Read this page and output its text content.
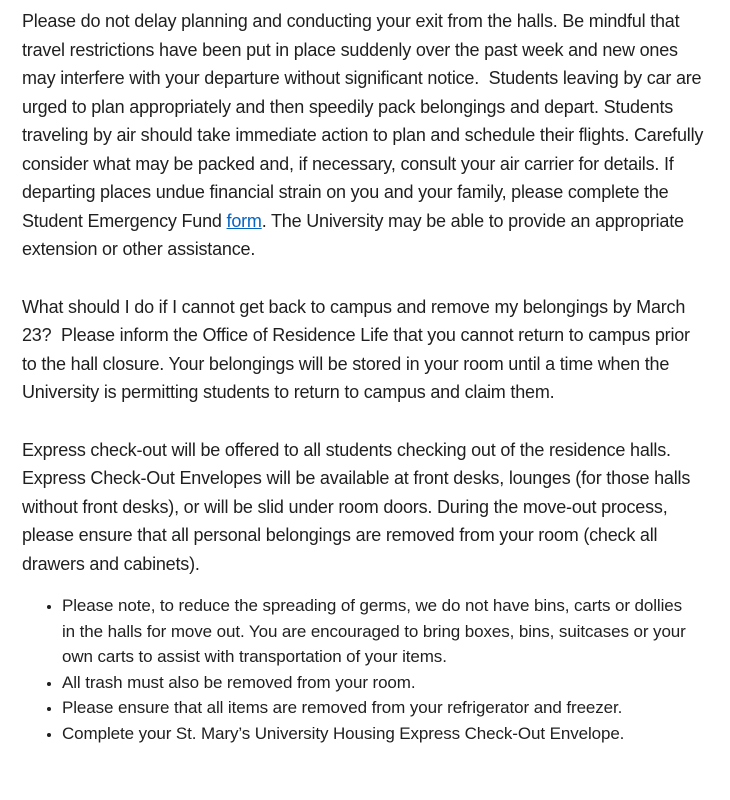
Please do not delay planning and conducting your exit from the halls. Be mindful that travel restrictions have been put in place suddenly over the past week and new ones may interfere with your departure without significant notice.  Students leaving by car are urged to plan appropriately and then speedily pack belongings and depart. Students traveling by air should take immediate action to plan and schedule their flights. Carefully consider what may be packed and, if necessary, consult your air carrier for details. If departing places undue financial strain on you and your family, please complete the Student Emergency Fund form. The University may be able to provide an appropriate extension or other assistance.

What should I do if I cannot get back to campus and remove my belongings by March 23?  Please inform the Office of Residence Life that you cannot return to campus prior to the hall closure. Your belongings will be stored in your room until a time when the University is permitting students to return to campus and claim them.

Express check-out will be offered to all students checking out of the residence halls. Express Check-Out Envelopes will be available at front desks, lounges (for those halls without front desks), or will be slid under room doors. During the move-out process, please ensure that all personal belongings are removed from your room (check all drawers and cabinets).

• Please note, to reduce the spreading of germs, we do not have bins, carts or dollies in the halls for move out. You are encouraged to bring boxes, bins, suitcases or your own carts to assist with transportation of your items.
• All trash must also be removed from your room.
• Please ensure that all items are removed from your refrigerator and freezer.
• Complete your St. Mary’s University Housing Express Check-Out Envelope.
